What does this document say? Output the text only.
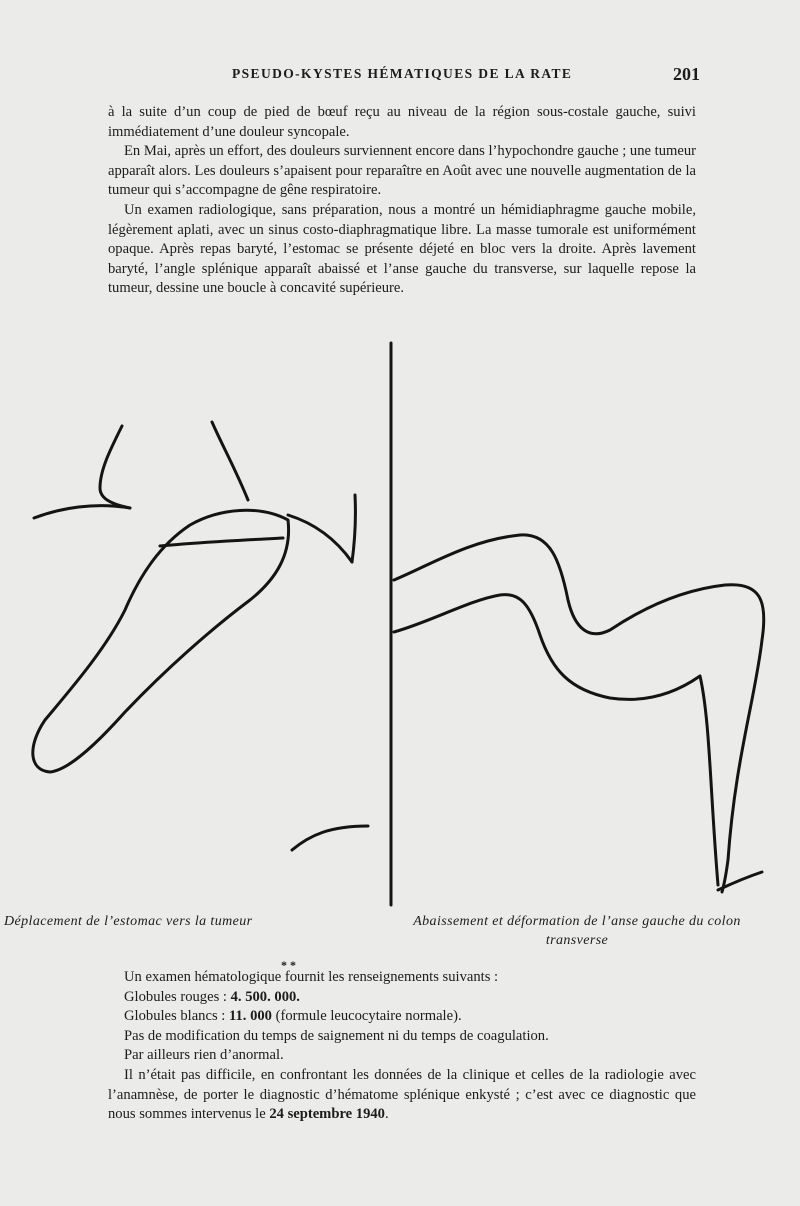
PSEUDO-KYSTES HÉMATIQUES DE LA RATE	201

à la suite d’un coup de pied de bœuf reçu au niveau de la région sous-costale gauche, suivi immédiatement d’une douleur syncopale.

En Mai, après un effort, des douleurs surviennent encore dans l’hypochondre gauche ; une tumeur apparaît alors. Les douleurs s’apaisent pour reparaître en Août avec une nouvelle augmentation de la tumeur qui s’accompagne de gêne respiratoire.

Un examen radiologique, sans préparation, nous a montré un hémidiaphragme gauche mobile, légèrement aplati, avec un sinus costo-diaphragmatique libre. La masse tumorale est uniformément opaque. Après repas baryté, l’estomac se présente déjeté en bloc vers la droite. Après lavement baryté, l’angle splénique apparaît abaissé et l’anse gauche du transverse, sur laquelle repose la tumeur, dessine une boucle à concavité supérieure.

Déplacement de l’estomac vers la tumeur	Abaissement et déformation de l’anse gauche du colon transverse
* *
Un examen hématologique fournit les renseignements suivants :
Globules rouges : 4. 500. 000.
Globules blancs : 11. 000 (formule leucocytaire normale).
Pas de modification du temps de saignement ni du temps de coagulation.
Par ailleurs rien d’anormal.

Il n’était pas difficile, en confrontant les données de la clinique et celles de la radiologie avec l’anamnèse, de porter le diagnostic d’hématome splénique enkysté ; c’est avec ce diagnostic que nous sommes intervenus le 24 septembre 1940.
